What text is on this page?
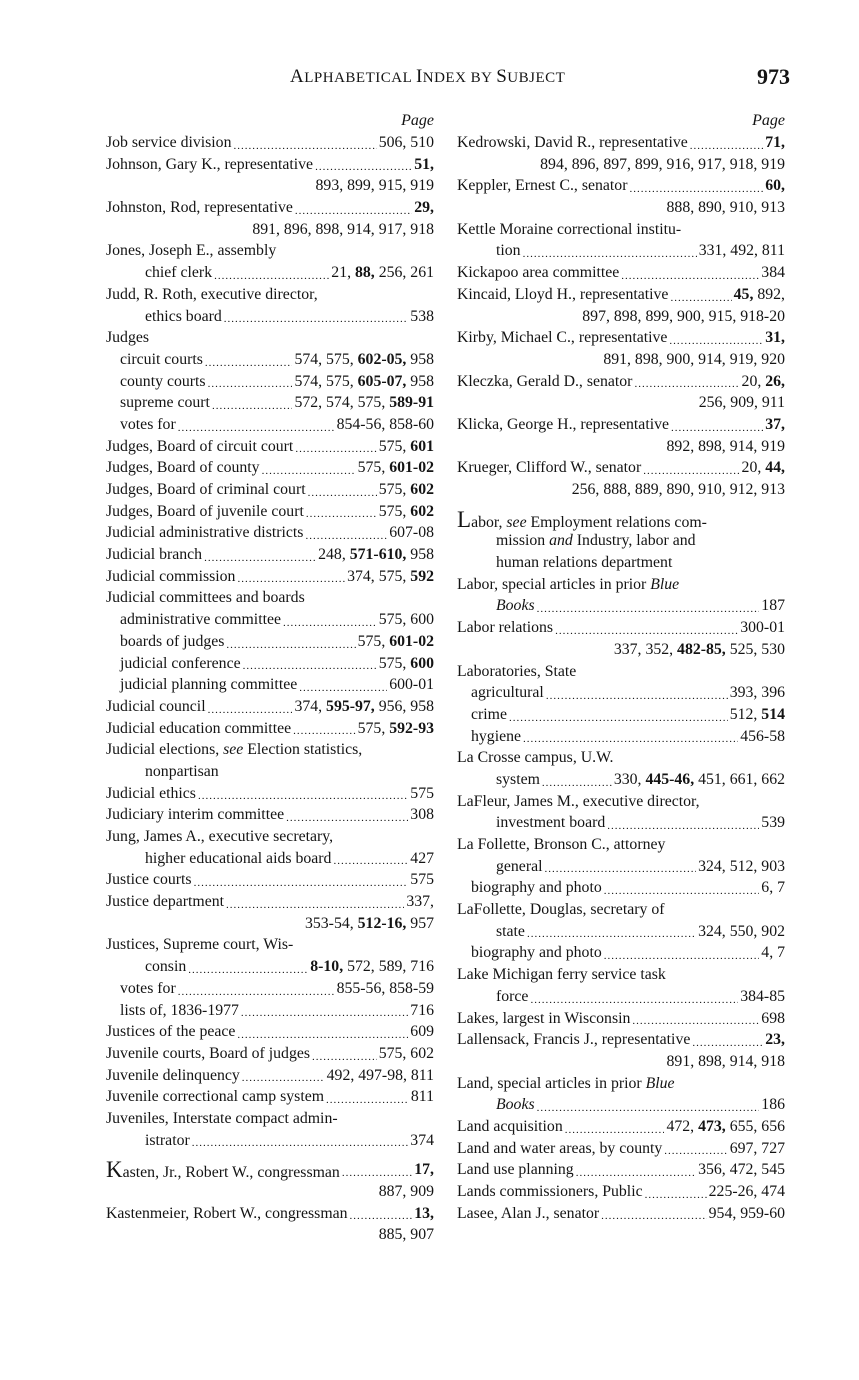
ALPHABETICAL INDEX BY SUBJECT	973
Page
Job service division .....	506, 510
Johnson, Gary K., representative .....	51,
893, 899, 915, 919
Johnston, Rod, representative .....	29,
891, 896, 898, 914, 917, 918
Jones, Joseph E., assembly
chief clerk .....	21, 88, 256, 261
Judd, R. Roth, executive director,
ethics board .....	538
Judges
circuit courts .....	574, 575, 602-05, 958
county courts .....	574, 575, 605-07, 958
supreme court .....	572, 574, 575, 589-91
votes for .....	854-56, 858-60
Judges, Board of circuit court .....	575, 601
Judges, Board of county .....	575, 601-02
Judges, Board of criminal court .....	575, 602
Judges, Board of juvenile court .....	575, 602
Judicial administrative districts .....	607-08
Judicial branch .....	248, 571-610, 958
Judicial commission .....	374, 575, 592
Judicial committees and boards
administrative committee .....	575, 600
boards of judges .....	575, 601-02
judicial conference .....	575, 600
judicial planning committee .....	600-01
Judicial council .....	374, 595-97, 956, 958
Judicial education committee .....	575, 592-93
Judicial elections, see Election statistics,
nonpartisan
Judicial ethics .....	575
Judiciary interim committee .....	308
Jung, James A., executive secretary,
higher educational aids board .....	427
Justice courts .....	575
Justice department .....	337,
353-54, 512-16, 957
Justices, Supreme court, Wis-
consin .....	8-10, 572, 589, 716
votes for .....	855-56, 858-59
lists of, 1836-1977 .....	716
Justices of the peace .....	609
Juvenile courts, Board of judges .....	575, 602
Juvenile delinquency .....	492, 497-98, 811
Juvenile correctional camp system .....	811
Juveniles, Interstate compact admin-
istrator .....	374
Kasten, Jr., Robert W., congressman .....	17,
887, 909
Kastenmeier, Robert W., congressman .....	13,
885, 907
Page
Kedrowski, David R., representative .....	71,
894, 896, 897, 899, 916, 917, 918, 919
Keppler, Ernest C., senator .....	60,
888, 890, 910, 913
Kettle Moraine correctional institu-
tion .....	331, 492, 811
Kickapoo area committee .....	384
Kincaid, Lloyd H., representative .....	45, 892,
897, 898, 899, 900, 915, 918-20
Kirby, Michael C., representative .....	31,
891, 898, 900, 914, 919, 920
Kleczka, Gerald D., senator .....	20, 26,
256, 909, 911
Klicka, George H., representative .....	37,
892, 898, 914, 919
Krueger, Clifford W., senator .....	20, 44,
256, 888, 889, 890, 910, 912, 913
Labor, see Employment relations com-
mission and Industry, labor and
human relations department
Labor, special articles in prior Blue
Books .....	187
Labor relations .....	300-01
337, 352, 482-85, 525, 530
Laboratories, State
agricultural .....	393, 396
crime .....	512, 514
hygiene .....	456-58
La Crosse campus, U.W.
system .....	330, 445-46, 451, 661, 662
LaFleur, James M., executive director,
investment board .....	539
La Follette, Bronson C., attorney
general .....	324, 512, 903
biography and photo .....	6, 7
LaFollette, Douglas, secretary of
state .....	324, 550, 902
biography and photo .....	4, 7
Lake Michigan ferry service task
force .....	384-85
Lakes, largest in Wisconsin .....	698
Lallensack, Francis J., representative .....	23,
891, 898, 914, 918
Land, special articles in prior Blue
Books .....	186
Land acquisition .....	472, 473, 655, 656
Land and water areas, by county .....	697, 727
Land use planning .....	356, 472, 545
Lands commissioners, Public .....	225-26, 474
Lasee, Alan J., senator .....	954, 959-60
